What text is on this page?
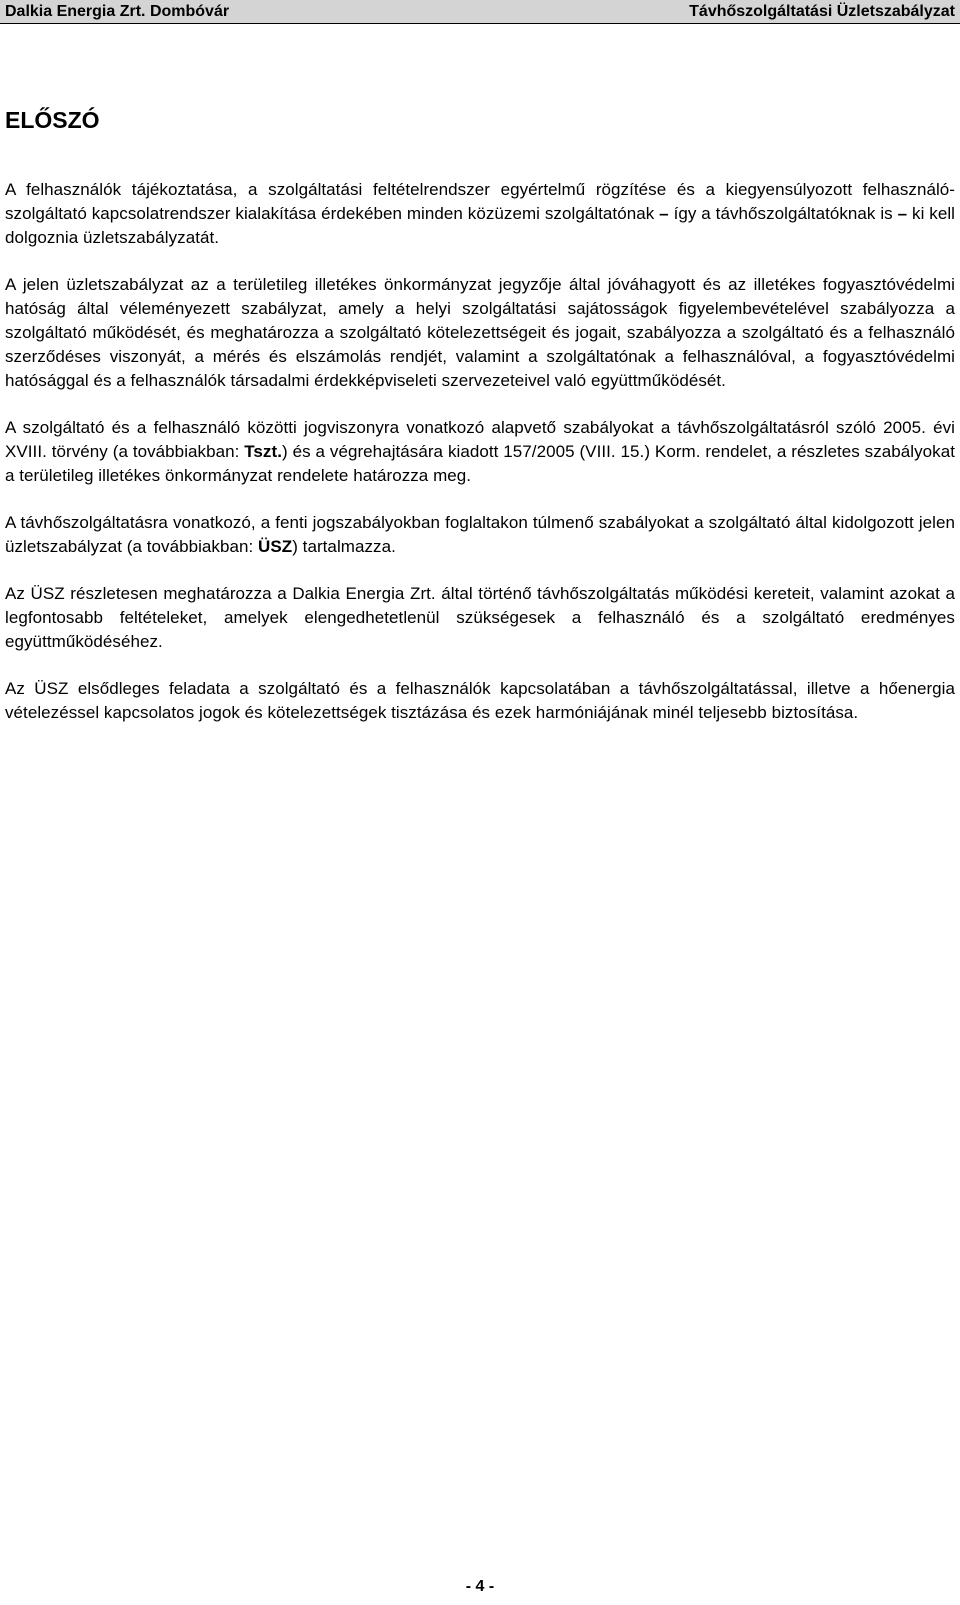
Dalkia Energia Zrt. Dombóvár	Távhőszolgáltatási Üzletszabályzat
ELŐSZÓ

A felhasználók tájékoztatása, a szolgáltatási feltételrendszer egyértelmű rögzítése és a kiegyensúlyozott felhasználó-szolgáltató kapcsolatrendszer kialakítása érdekében minden közüzemi szolgáltatónak – így a távhőszolgáltatóknak is – ki kell dolgoznia üzletszabályzatát.

A jelen üzletszabályzat az a területileg illetékes önkormányzat jegyzője által jóváhagyott és az illetékes fogyasztóvédelmi hatóság által véleményezett szabályzat, amely a helyi szolgáltatási sajátosságok figyelembevételével szabályozza a szolgáltató működését, és meghatározza a szolgáltató kötelezettségeit és jogait, szabályozza a szolgáltató és a felhasználó szerződéses viszonyát, a mérés és elszámolás rendjét, valamint a szolgáltatónak a felhasználóval, a fogyasztóvédelmi hatósággal és a felhasználók társadalmi érdekképviseleti szervezeteivel való együttműködését.

A szolgáltató és a felhasználó közötti jogviszonyra vonatkozó alapvető szabályokat a távhőszolgáltatásról szóló 2005. évi XVIII. törvény (a továbbiakban: Tszt.) és a végrehajtására kiadott 157/2005 (VIII. 15.) Korm. rendelet, a részletes szabályokat a területileg illetékes önkormányzat rendelete határozza meg.

A távhőszolgáltatásra vonatkozó, a fenti jogszabályokban foglaltakon túlmenő szabályokat a szolgáltató által kidolgozott jelen üzletszabályzat (a továbbiakban: ÜSZ) tartalmazza.

Az ÜSZ részletesen meghatározza a Dalkia Energia Zrt. által történő távhőszolgáltatás működési kereteit, valamint azokat a legfontosabb feltételeket, amelyek elengedhetetlenül szükségesek a felhasználó és a szolgáltató eredményes együttműködéséhez.

Az ÜSZ elsődleges feladata a szolgáltató és a felhasználók kapcsolatában a távhőszolgáltatással, illetve a hőenergia vételezéssel kapcsolatos jogok és kötelezettségek tisztázása és ezek harmóniájának minél teljesebb biztosítása.

- 4 -
